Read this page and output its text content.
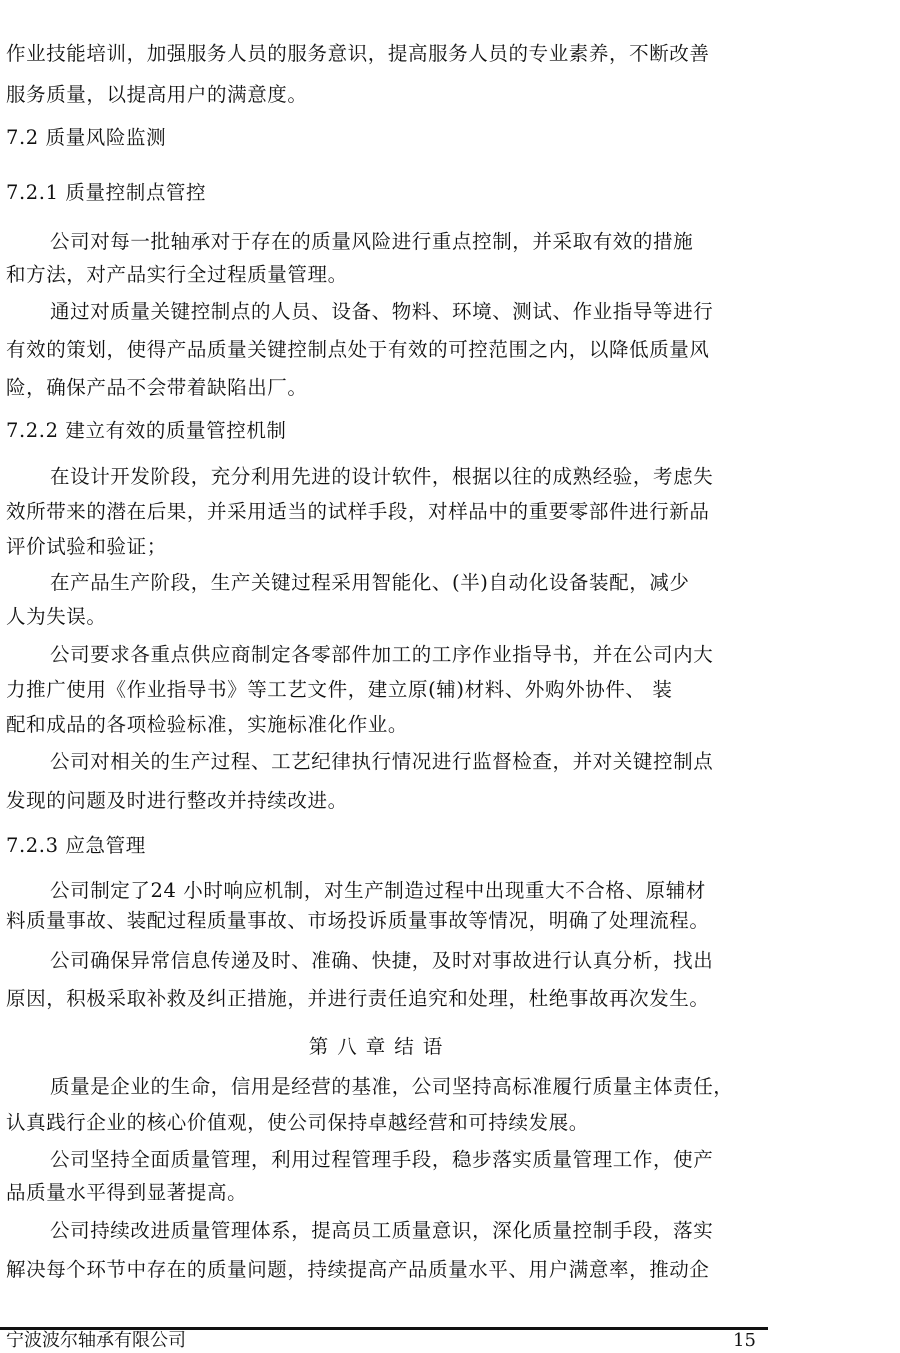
作业技能培训，加强服务人员的服务意识，提高服务人员的专业素养，不断改善
服务质量，以提高用户的满意度。
7.2 质量风险监测
7.2.1 质量控制点管控
公司对每一批轴承对于存在的质量风险进行重点控制，并采取有效的措施
和方法，对产品实行全过程质量管理。
通过对质量关键控制点的人员、设备、物料、环境、测试、作业指导等进行
有效的策划，使得产品质量关键控制点处于有效的可控范围之内，以降低质量风
险，确保产品不会带着缺陷出厂。
7.2.2 建立有效的质量管控机制
在设计开发阶段，充分利用先进的设计软件，根据以往的成熟经验，考虑失
效所带来的潜在后果，并采用适当的试样手段，对样品中的重要零部件进行新品
评价试验和验证；
在产品生产阶段，生产关键过程采用智能化、(半)自动化设备装配，减少
人为失误。
公司要求各重点供应商制定各零部件加工的工序作业指导书，并在公司内大
力推广使用《作业指导书》等工艺文件，建立原(辅)材料、外购外协件、 装
配和成品的各项检验标准，实施标准化作业。
公司对相关的生产过程、工艺纪律执行情况进行监督检查，并对关键控制点
发现的问题及时进行整改并持续改进。
7.2.3 应急管理
公司制定了24 小时响应机制，对生产制造过程中出现重大不合格、原辅材
料质量事故、装配过程质量事故、市场投诉质量事故等情况，明确了处理流程。
公司确保异常信息传递及时、准确、快捷，及时对事故进行认真分析，找出
原因，积极采取补救及纠正措施，并进行责任追究和处理，杜绝事故再次发生。
第八章结语
质量是企业的生命，信用是经营的基准，公司坚持高标准履行质量主体责任，
认真践行企业的核心价值观，使公司保持卓越经营和可持续发展。
公司坚持全面质量管理，利用过程管理手段，稳步落实质量管理工作，使产
品质量水平得到显著提高。
公司持续改进质量管理体系，提高员工质量意识，深化质量控制手段，落实
解决每个环节中存在的质量问题，持续提高产品质量水平、用户满意率，推动企
宁波波尔轴承有限公司	15
